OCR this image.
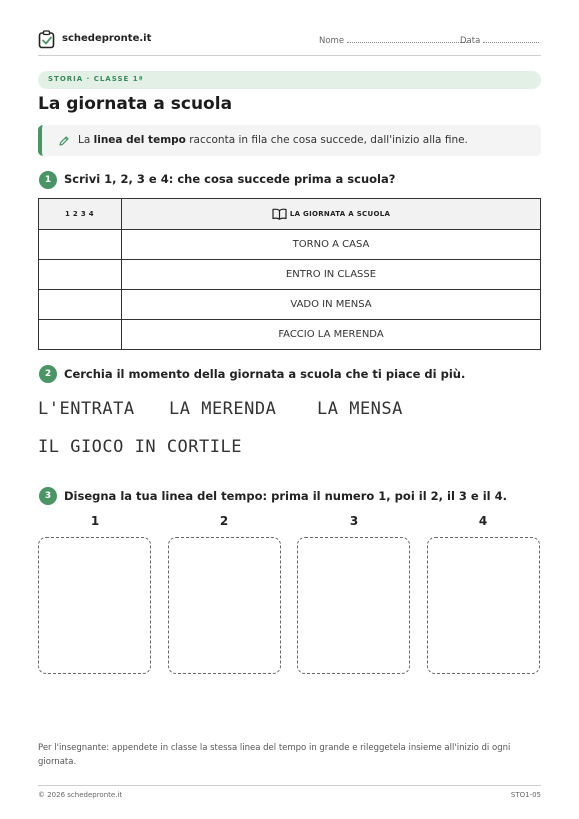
schedepronte.it	Nome	Data
STORIA · CLASSE 1ª
La giornata a scuola
La linea del tempo racconta in fila che cosa succede, dall'inizio alla fine.
1	Scrivi 1, 2, 3 e 4: che cosa succede prima a scuola?
1 2 3 4	LA GIORNATA A SCUOLA
	TORNO A CASA
	ENTRO IN CLASSE
	VADO IN MENSA
	FACCIO LA MERENDA
2	Cerchia il momento della giornata a scuola che ti piace di più.
L'ENTRATA LA MERENDA LA MENSA
IL GIOCO IN CORTILE
3	Disegna la tua linea del tempo: prima il numero 1, poi il 2, il 3 e il 4.
1	2	3	4
Per l'insegnante: appendete in classe la stessa linea del tempo in grande e rileggetela insieme all'inizio di ogni giornata.
© 2026 schedepronte.it	STO1-05
